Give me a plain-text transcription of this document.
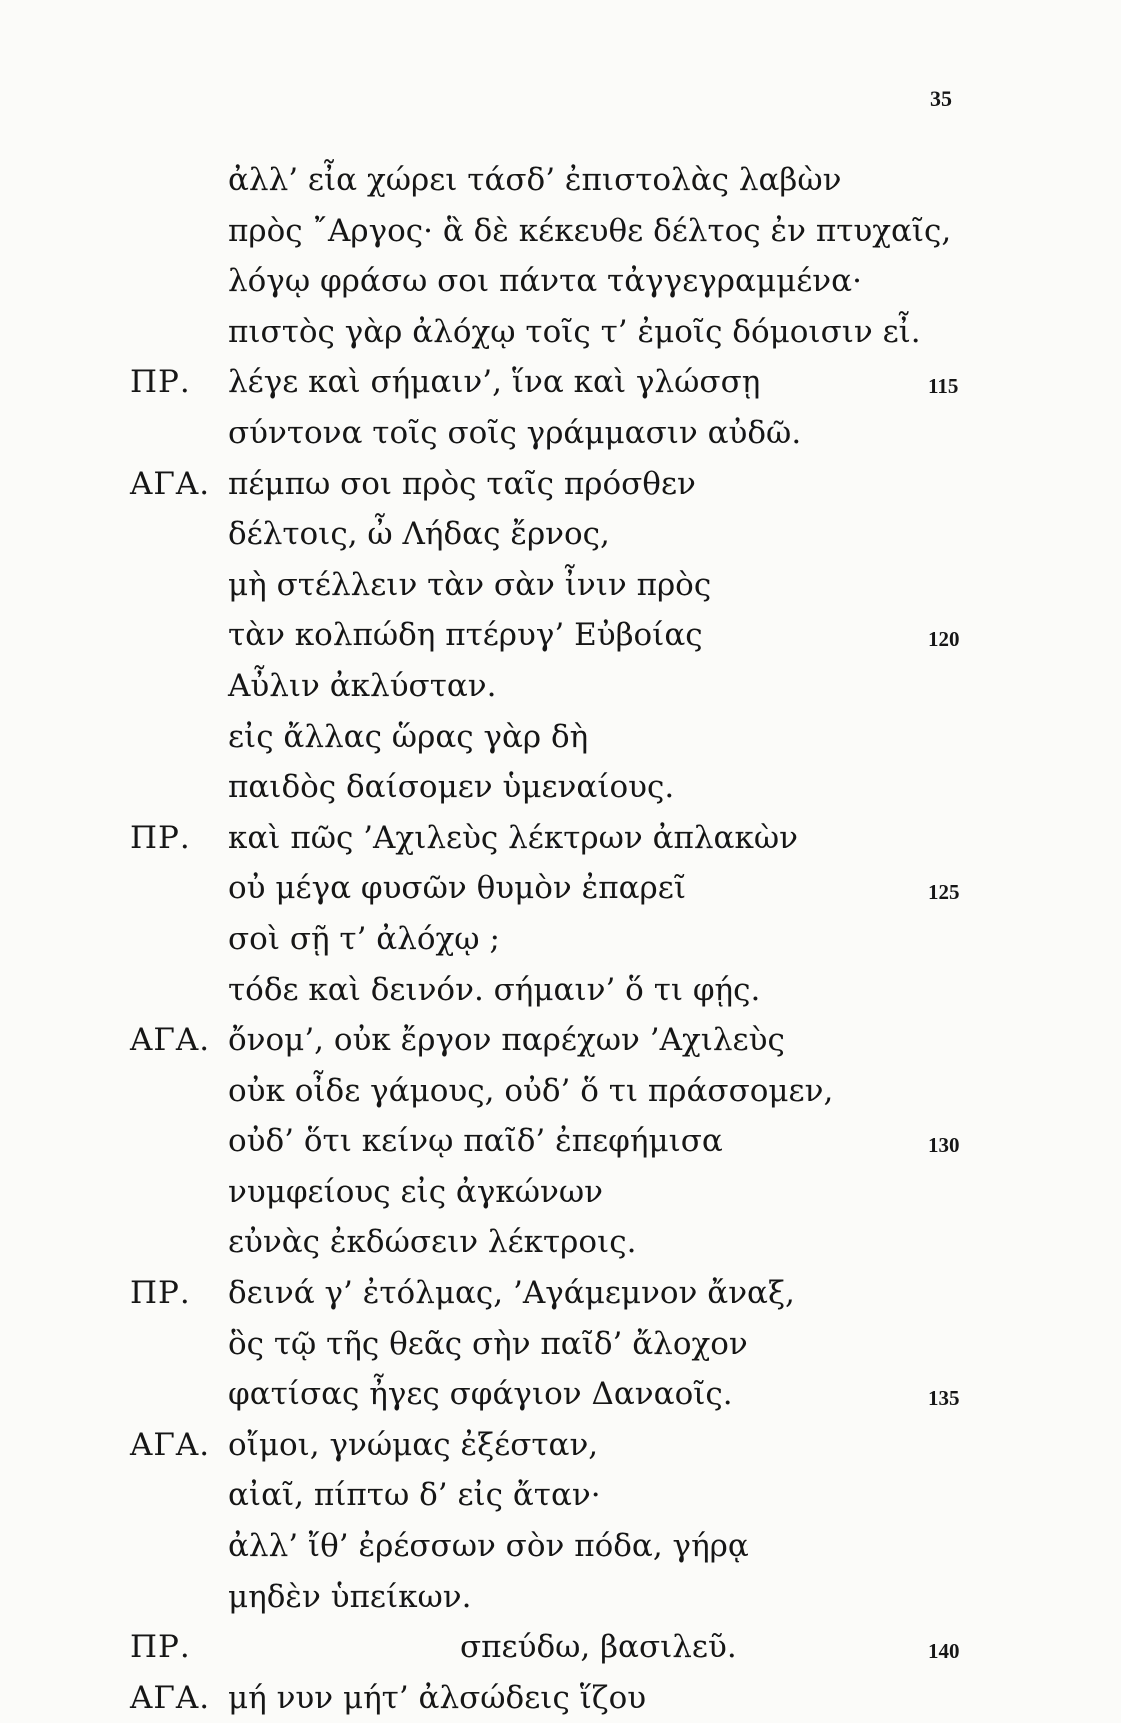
35
ἀλλ’ εἶα χώρει τάσδ’ ἐπιστολὰς λαβὼν
πρὸς ῎Αργος· ἃ δὲ κέκευθε δέλτος ἐν πτυχαῖς,
λόγῳ φράσω σοι πάντα τἀγγεγραμμένα·
πιστὸς γὰρ ἀλόχῳ τοῖς τ’ ἐμοῖς δόμοισιν εἶ.
ΠΡ. λέγε καὶ σήμαιν’, ἵνα καὶ γλώσσῃ	115
σύντονα τοῖς σοῖς γράμμασιν αὐδῶ.
ΑΓΑ. πέμπω σοι πρὸς ταῖς πρόσθεν
δέλτοις, ὦ Λήδας ἔρνος,
μὴ στέλλειν τὰν σὰν ἶνιν πρὸς
τὰν κολπώδη πτέρυγ’ Εὐβοίας	120
Αὖλιν ἀκλύσταν.
εἰς ἄλλας ὥρας γὰρ δὴ
παιδὸς δαίσομεν ὑμεναίους.
ΠΡ. καὶ πῶς ’Αχιλεὺς λέκτρων ἀπλακὼν
οὐ μέγα φυσῶν θυμὸν ἐπαρεῖ	125
σοὶ σῇ τ’ ἀλόχῳ ;
τόδε καὶ δεινόν. σήμαιν’ ὅ τι φῄς.
ΑΓΑ. ὄνομ’, οὐκ ἔργον παρέχων ’Αχιλεὺς
οὐκ οἶδε γάμους, οὐδ’ ὅ τι πράσσομεν,
οὐδ’ ὅτι κείνῳ παῖδ’ ἐπεφήμισα	130
νυμφείους εἰς ἀγκώνων
εὐνὰς ἐκδώσειν λέκτροις.
ΠΡ. δεινά γ’ ἐτόλμας, ’Αγάμεμνον ἄναξ,
ὃς τῷ τῆς θεᾶς σὴν παῖδ’ ἄλοχον
φατίσας ἦγες σφάγιον Δαναοῖς.	135
ΑΓΑ. οἴμοι, γνώμας ἐξέσταν,
αἰαῖ, πίπτω δ’ εἰς ἄταν·
ἀλλ’ ἴθ’ ἐρέσσων σὸν πόδα, γήρᾳ
μηδὲν ὑπείκων.
ΠΡ.	σπεύδω, βασιλεῦ.	140
ΑΓΑ. μή νυν μήτ’ ἀλσώδεις ἵζου
